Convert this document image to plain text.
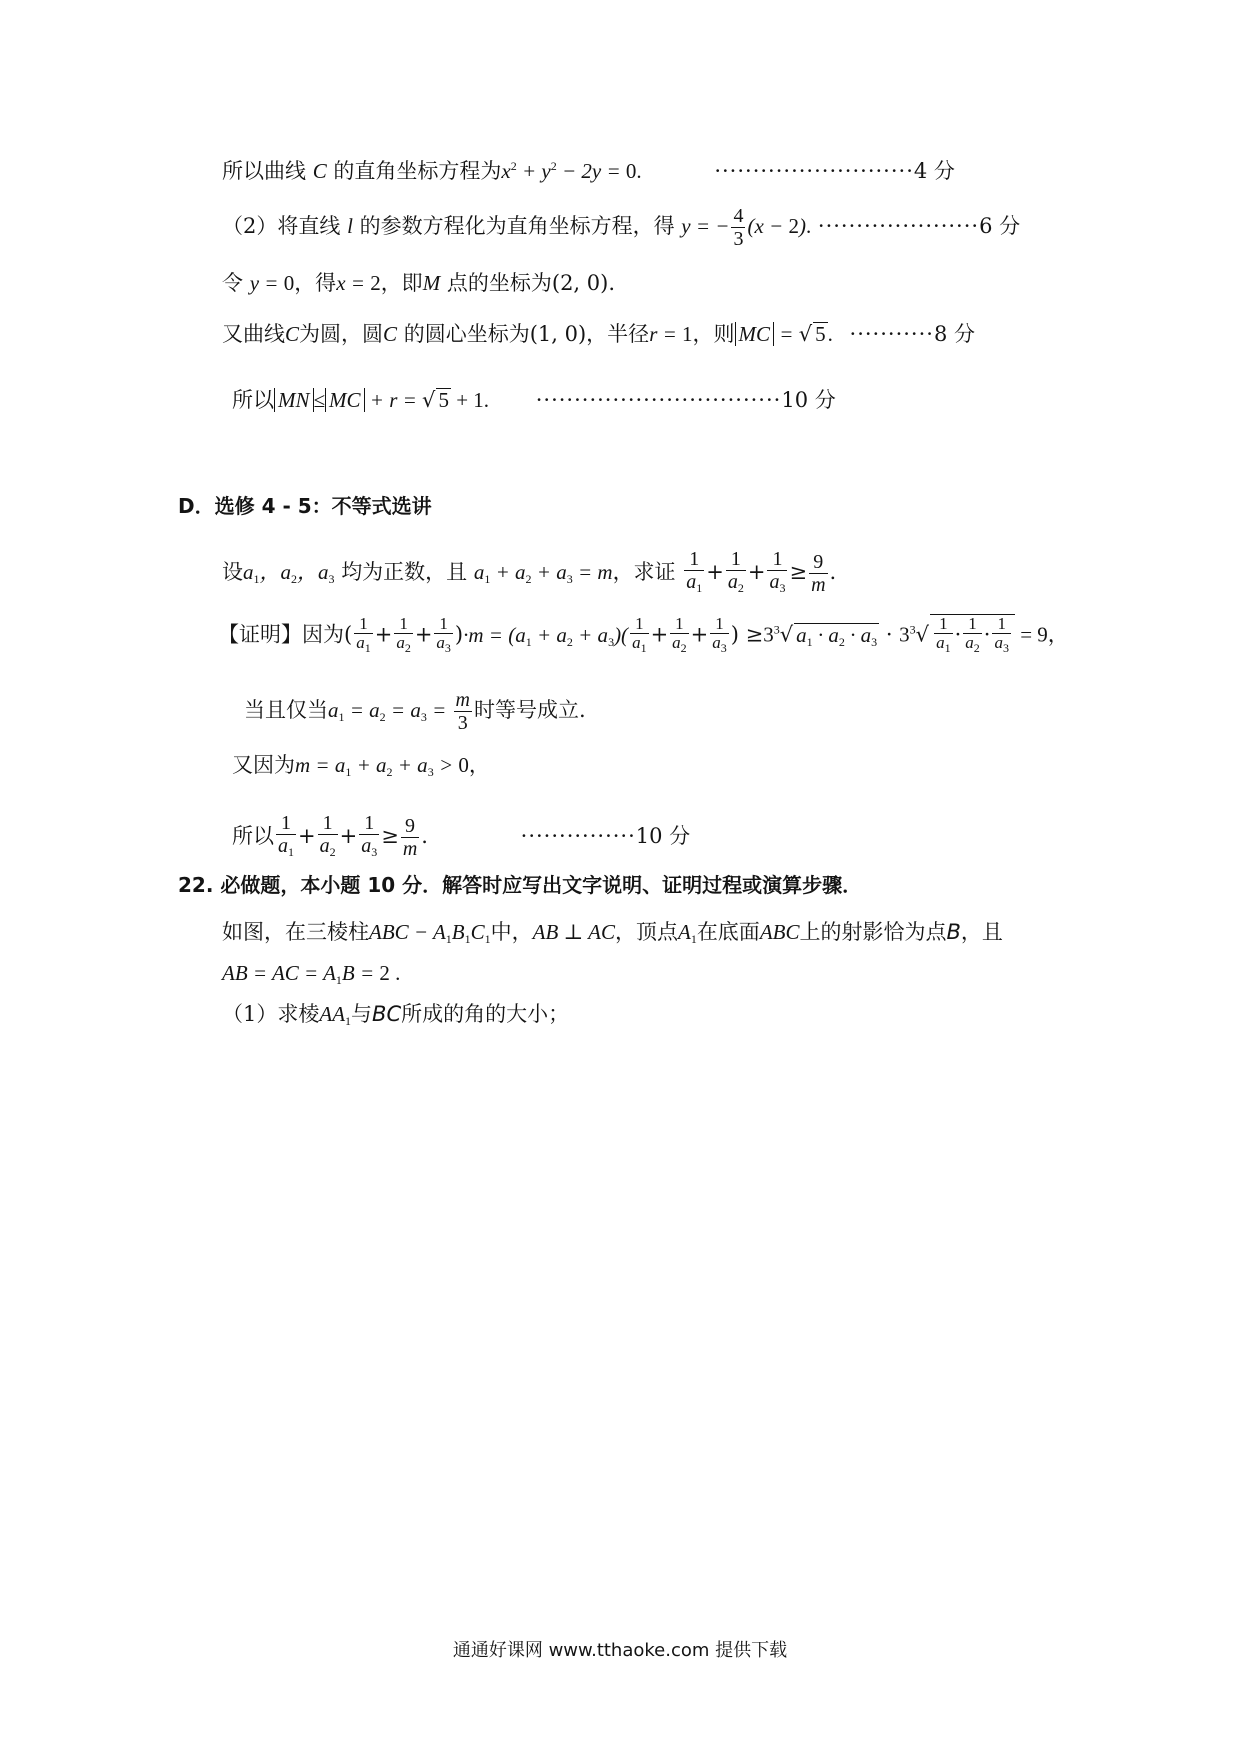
所以曲线 C 的直角坐标方程为$x^2 + y^2 - 2y = 0$.	··························4 分
（2）将直线 l 的参数方程化为直角坐标方程，得 y = − $\frac{4}{3} (x - 2)$. ·····················6 分
令 y = 0，得x = 2，即M 点的坐标为(2, 0).
又曲线C为圆，圆C 的圆心坐标为(1, 0)，半径r = 1，则 MC = √ 5. ···········8 分
所以 MN ≤ MC + r = √ 5 + 1. ································10 分
D．选修 4 - 5：不等式选讲
设$a_1$，$a_2$，$a_3$ 均为正数，且 $a_1 + a_2 + a_3 = m$，求证 $\frac{1}{a_1} + \frac{1}{a_2} + \frac{1}{a_3} \ge \frac{9}{m}$ .
【证明】因为( $\frac{1}{a_1} + \frac{1}{a_2} + \frac{1}{a_3} )\cdot m = (a_1 + a_2 + a_3)( \frac{1}{a_1} + \frac{1}{a_2} + \frac{1}{a_3}$ ) $\ge 3^3√$ $a_1 \cdot a_2 \cdot a_3 \cdot 3^3√ \frac{1}{a_1} \cdot \frac{1}{a_2} \cdot \frac{1}{a_3} = 9$，
当且仅当$a_1 = a_2 = a_3 = \frac{m}{3}$ 时等号成立.
又因为$m = a_1 + a_2 + a_3 > 0$，
所以 $\frac{1}{a_1} + \frac{1}{a_2} + \frac{1}{a_3} \ge \frac{9}{m}$ .	···············10 分
22. 必做题，本小题 10 分．解答时应写出文字说明、证明过程或演算步骤．
如图，在三棱柱ABC − $A_1B_1C_1$中，AB ⊥ AC，顶点$A_1$在底面ABC上的射影恰为点B，且
AB = AC = $A_1B = 2$ .
（1）求棱$AA_1$与BC所成的角的大小；
通通好课网 www.tthaoke.com 提供下载
